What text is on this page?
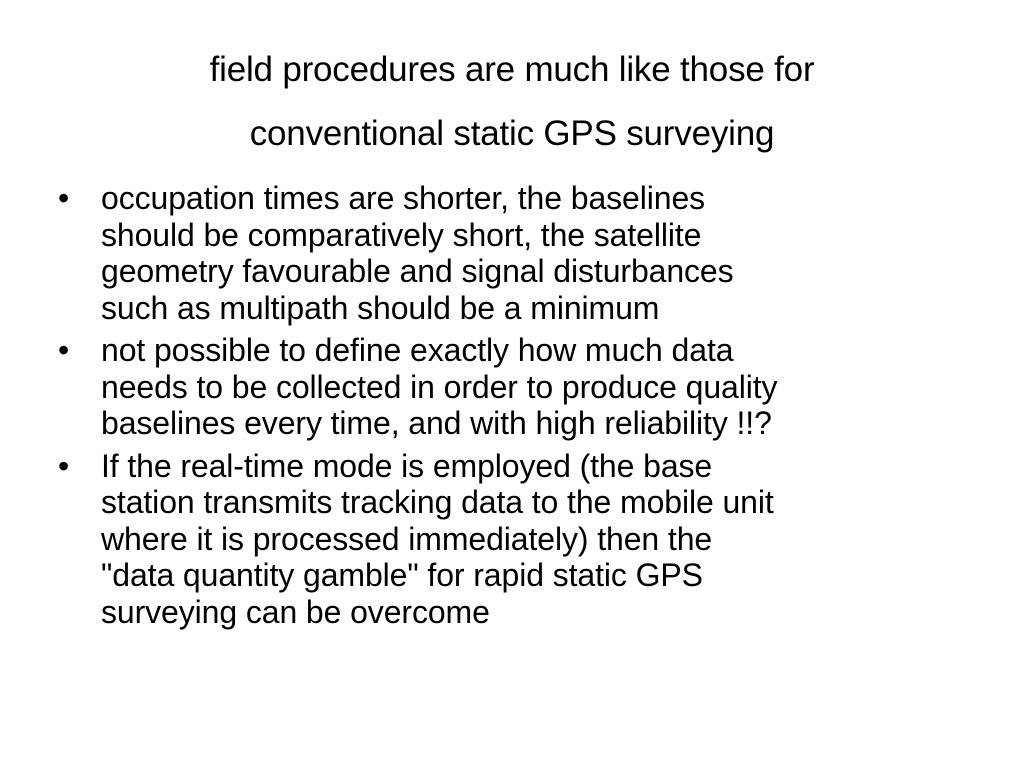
field procedures are much like those for
conventional static GPS surveying
• occupation times are shorter, the baselines
should be comparatively short, the satellite
geometry favourable and signal disturbances
such as multipath should be a minimum
• not possible to define exactly how much data
needs to be collected in order to produce quality
baselines every time, and with high reliability !!?
• If the real-time mode is employed (the base
station transmits tracking data to the mobile unit
where it is processed immediately) then the
"data quantity gamble" for rapid static GPS
surveying can be overcome
